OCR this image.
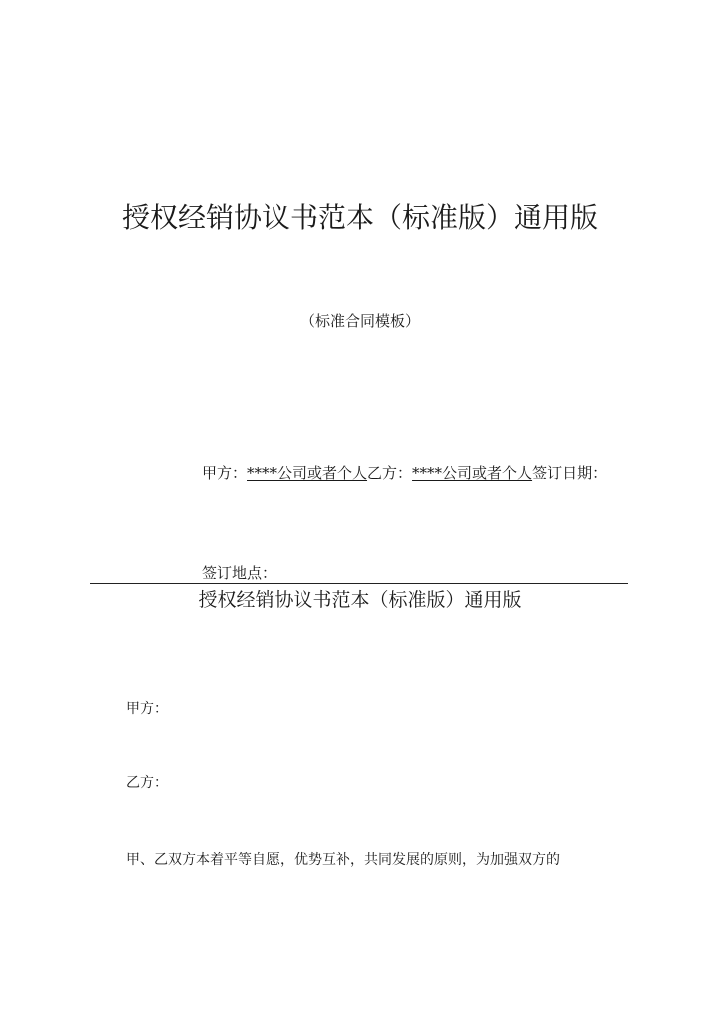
授权经销协议书范本（标准版）通用版
（标准合同模板）
甲方：****公司或者个人乙方：****公司或者个人签订日期：
签订地点：
授权经销协议书范本（标准版）通用版
甲方：
乙方：
甲、乙双方本着平等自愿，优势互补，共同发展的原则，为加强双方的
